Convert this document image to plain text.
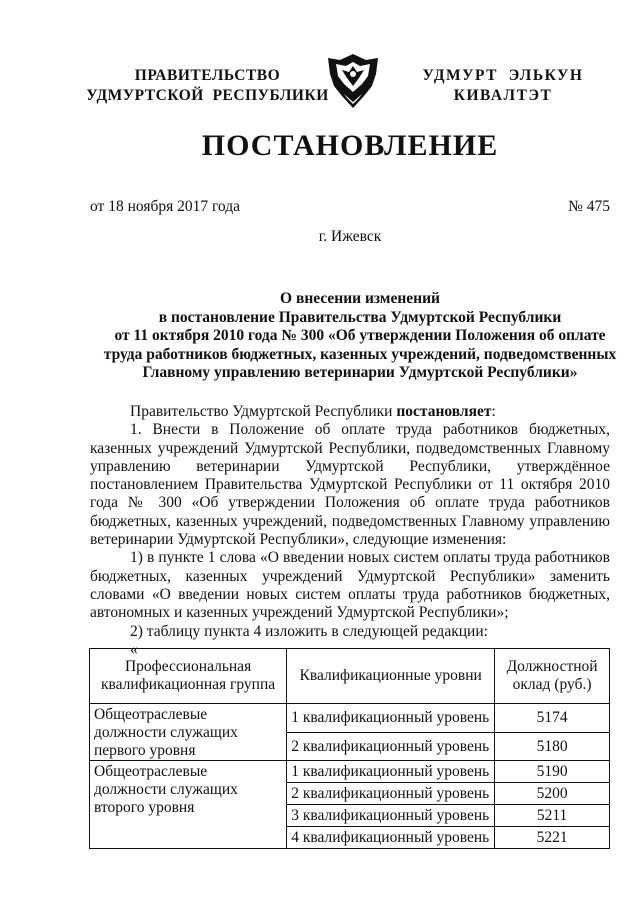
ПРАВИТЕЛЬСТВО
УДМУРТСКОЙ  РЕСПУБЛИКИ
УДМУРТ  ЭЛЬКУН
КИВАЛТЭТ
ПОСТАНОВЛЕНИЕ
от 18 ноября 2017 года	№ 475
г. Ижевск
О внесении изменений
в постановление Правительства Удмуртской Республики
от 11 октября 2010 года № 300 «Об утверждении Положения об оплате
труда работников бюджетных, казенных учреждений, подведомственных
Главному управлению ветеринарии Удмуртской Республики»

Правительство Удмуртской Республики постановляет:

1. Внести в Положение об оплате труда работников бюджетных, казенных учреждений Удмуртской Республики, подведомственных Главному управлению ветеринарии Удмуртской Республики, утверждённое постановлением Правительства Удмуртской Республики от 11 октября 2010 года № 300 «Об утверждении Положения об оплате труда работников бюджетных, казенных учреждений, подведомственных Главному управлению ветеринарии Удмуртской Республики», следующие изменения:

1) в пункте 1 слова «О введении новых систем оплаты труда работников бюджетных, казенных учреждений Удмуртской Республики» заменить словами «О введении новых систем оплаты труда работников бюджетных, автономных и казенных учреждений Удмуртской Республики»;

2) таблицу пункта 4 изложить в следующей редакции:

«

Профессиональная квалификационная группа	Квалификационные уровни	Должностной оклад (руб.)
Общеотраслевые должности служащих первого уровня	1 квалификационный уровень	5174
	2 квалификационный уровень	5180
Общеотраслевые должности служащих второго уровня	1 квалификационный уровень	5190
	2 квалификационный уровень	5200
	3 квалификационный уровень	5211
	4 квалификационный уровень	5221
